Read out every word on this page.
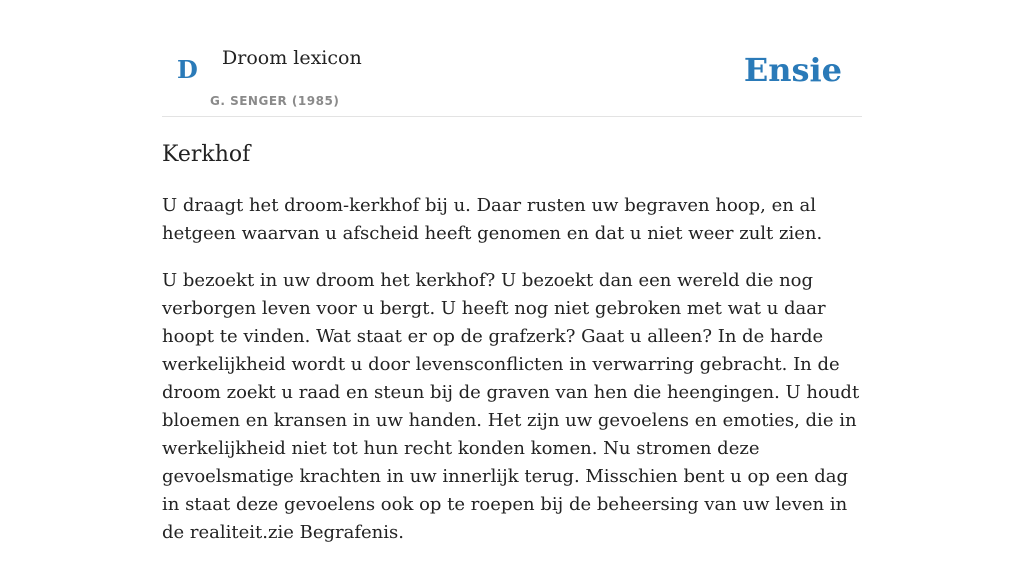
D Droom lexicon
G. SENGER (1985)
Ensie
Kerkhof

U draagt het droom-kerkhof bij u. Daar rusten uw begraven hoop, en al hetgeen waarvan u afscheid heeft genomen en dat u niet weer zult zien.

U bezoekt in uw droom het kerkhof? U bezoekt dan een wereld die nog verborgen leven voor u bergt. U heeft nog niet gebroken met wat u daar hoopt te vinden. Wat staat er op de grafzerk? Gaat u alleen? In de harde werkelijkheid wordt u door levensconflicten in verwarring gebracht. In de droom zoekt u raad en steun bij de graven van hen die heengingen. U houdt bloemen en kransen in uw handen. Het zijn uw gevoelens en emoties, die in werkelijkheid niet tot hun recht konden komen. Nu stromen deze gevoelsmatige krachten in uw innerlijk terug. Misschien bent u op een dag in staat deze gevoelens ook op te roepen bij de beheersing van uw leven in de realiteit.zie Begrafenis.
